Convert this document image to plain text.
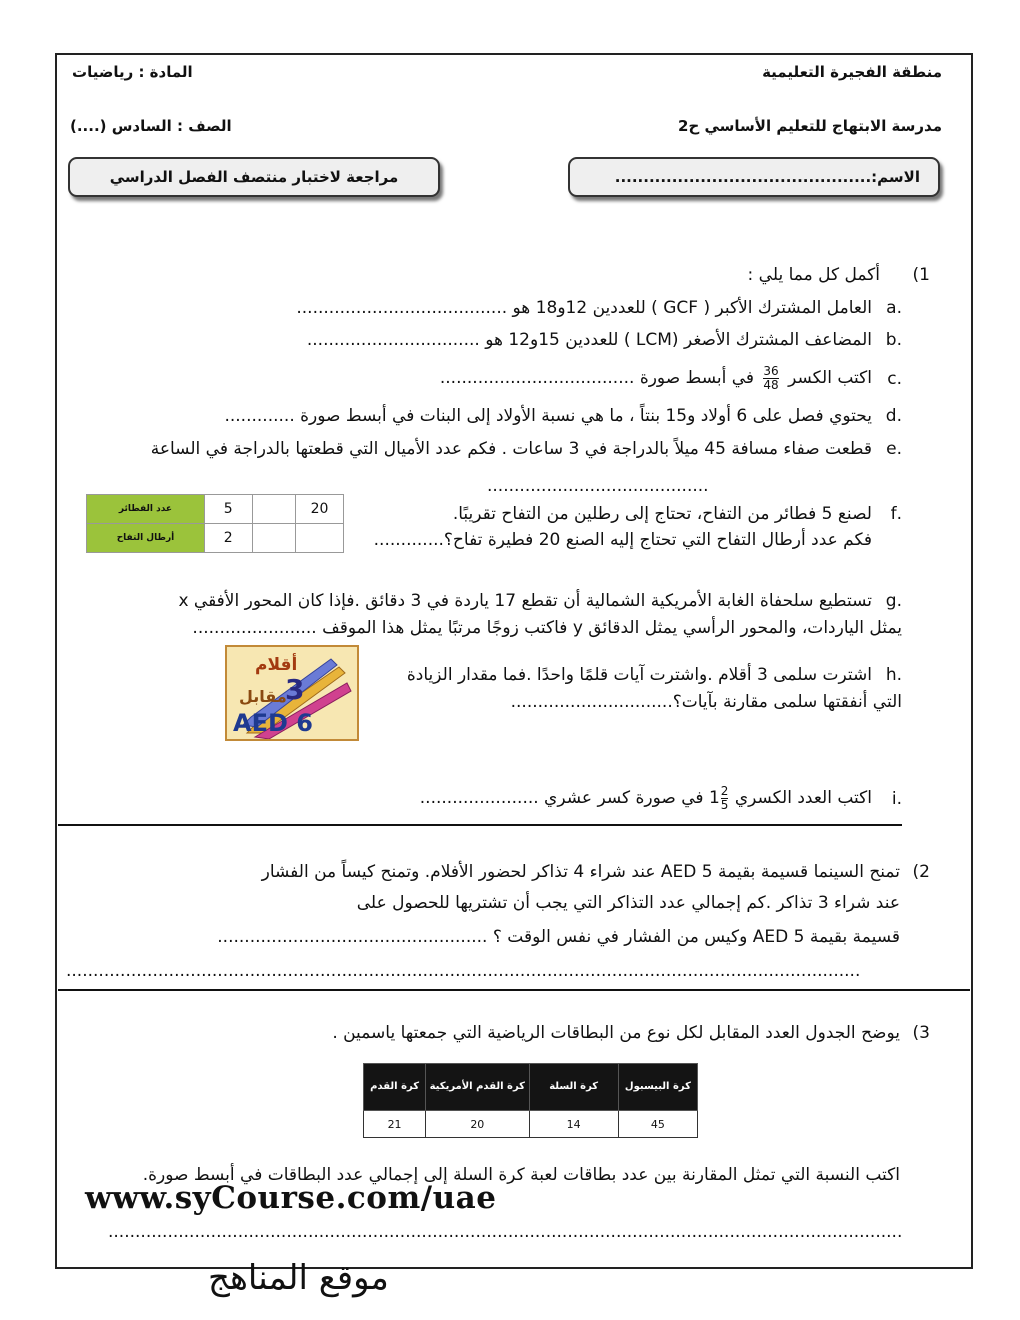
منطقة الفجيرة التعليمية
المادة : رياضيات
مدرسة الابتهاج للتعليم الأساسي ح2
الصف : السادس (....)
الاسم:.............................................
مراجعة لاختبار منتصف الفصل الدراسي
1)
أكمل كل مما يلي :
.a
العامل المشترك الأكبر ( GCF ) للعددين 12و18 هو .......................................
.b
المضاعف المشترك الأصغر (LCM ) للعددين 15و12 هو ................................
.c
اكتب الكسر
$\frac{36}{48}$
في أبسط صورة ....................................
.d
يحتوي فصل على 6 أولاد و15 بنتاً ، ما هي نسبة الأولاد إلى البنات في أبسط صورة .............
.e
قطعت صفاء مسافة 45 ميلاً بالدراجة في 3 ساعات . فكم عدد الأميال التي قطعتها بالدراجة في الساعة
.........................................
.f
لصنع 5 فطائر من التفاح، تحتاج إلى رطلين من التفاح تقريبًا.
فكم عدد أرطال التفاح التي تحتاج إليه الصنع 20 فطيرة تفاح؟.............
عدد الفطائر	5		20
أرطال التفاح	2		
.g
تستطيع سلحفاة الغابة الأمريكية الشمالية أن تقطع 17 ياردة في 3 دقائق .فإذا كان المحور الأفقي x
يمثل الياردات، والمحور الرأسي يمثل الدقائق y فاكتب زوجًا مرتبًا يمثل هذا الموقف .......................
.h
اشترت سلمى 3 أقلام .واشترت آيات قلمًا واحدًا .فما مقدار الزيادة
التي أنفقتها سلمى مقارنة بآيات؟..............................
أقلام
3
مقابل
AED 6
.i
اكتب العدد الكسري $1 \frac{2}{5}$
في صورة كسر عشري ......................
2)
تمنح السينما قسيمة بقيمة AED 5 عند شراء 4 تذاكر لحضور الأفلام. وتمنح كيساً من الفشار
عند شراء 3 تذاكر .كم إجمالي عدد التذاكر التي يجب أن تشتريها للحصول على
قسيمة بقيمة AED 5 وكيس من الفشار في نفس الوقت ؟ ..................................................
...................................................................................................................................................
3)
يوضح الجدول العدد المقابل لكل نوع من البطاقات الرياضية التي جمعتها ياسمين .
كرة القدم	كرة القدم الأمريكية	كرة السلة	كرة البيسبول
21	20	14	45
اكتب النسبة التي تمثل المقارنة بين عدد بطاقات لعبة كرة السلة إلى إجمالي عدد البطاقات في أبسط صورة.
www.syCourse.com/uae
...................................................................................................................................................
موقع المناهج
